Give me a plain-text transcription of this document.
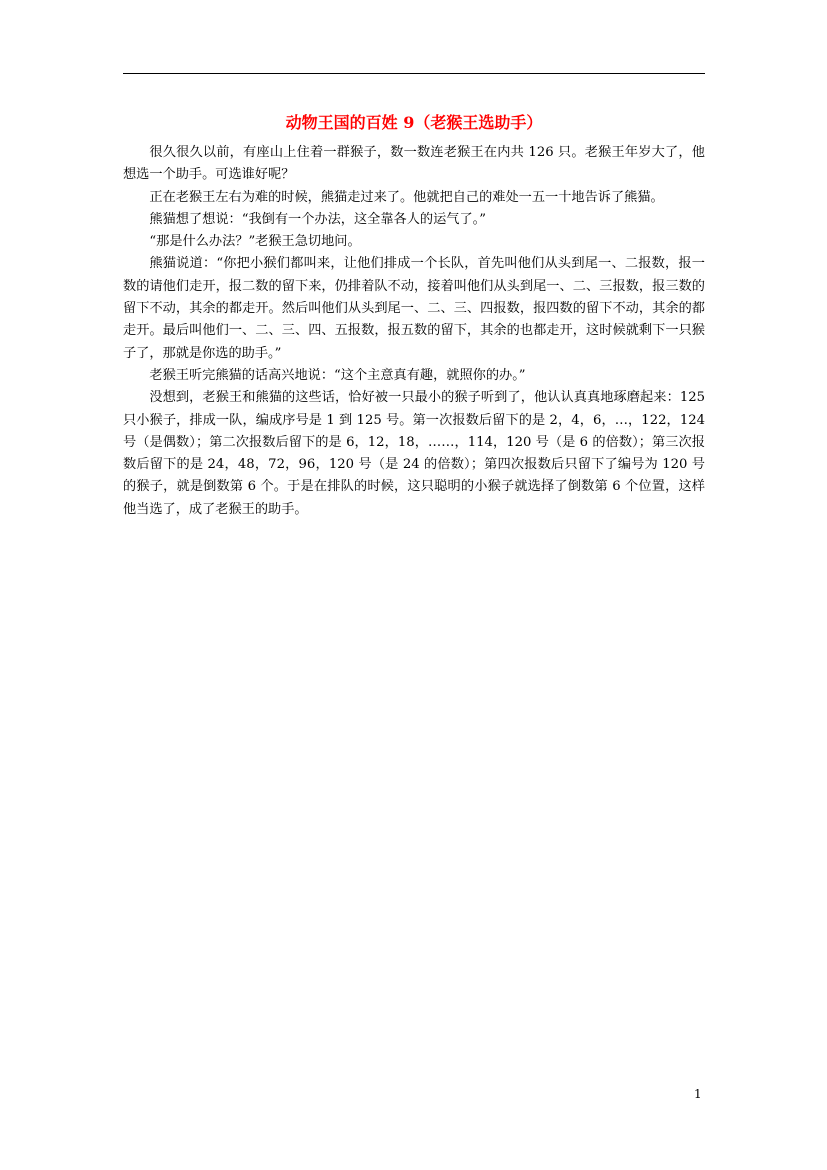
动物王国的百姓 9（老猴王选助手）

很久很久以前，有座山上住着一群猴子，数一数连老猴王在内共 126 只。老猴王年岁大了，他想选一个助手。可选谁好呢？

正在老猴王左右为难的时候，熊猫走过来了。他就把自己的难处一五一十地告诉了熊猫。

熊猫想了想说：“我倒有一个办法，这全靠各人的运气了。”

“那是什么办法？”老猴王急切地问。

熊猫说道：“你把小猴们都叫来，让他们排成一个长队，首先叫他们从头到尾一、二报数，报一数的请他们走开，报二数的留下来，仍排着队不动，接着叫他们从头到尾一、二、三报数，报三数的留下不动，其余的都走开。然后叫他们从头到尾一、二、三、四报数，报四数的留下不动，其余的都走开。最后叫他们一、二、三、四、五报数，报五数的留下，其余的也都走开，这时候就剩下一只猴子了，那就是你选的助手。”

老猴王听完熊猫的话高兴地说：“这个主意真有趣，就照你的办。”

没想到，老猴王和熊猫的这些话，恰好被一只最小的猴子听到了，他认认真真地琢磨起来：125 只小猴子，排成一队，编成序号是 1 到 125 号。第一次报数后留下的是 2，4，6，…，122，124 号（是偶数）；第二次报数后留下的是 6，12，18，……，114，120 号（是 6 的倍数）；第三次报数后留下的是 24，48，72，96，120 号（是 24 的倍数）；第四次报数后只留下了编号为 120 号的猴子，就是倒数第 6 个。于是在排队的时候，这只聪明的小猴子就选择了倒数第 6 个位置，这样他当选了，成了老猴王的助手。

1
